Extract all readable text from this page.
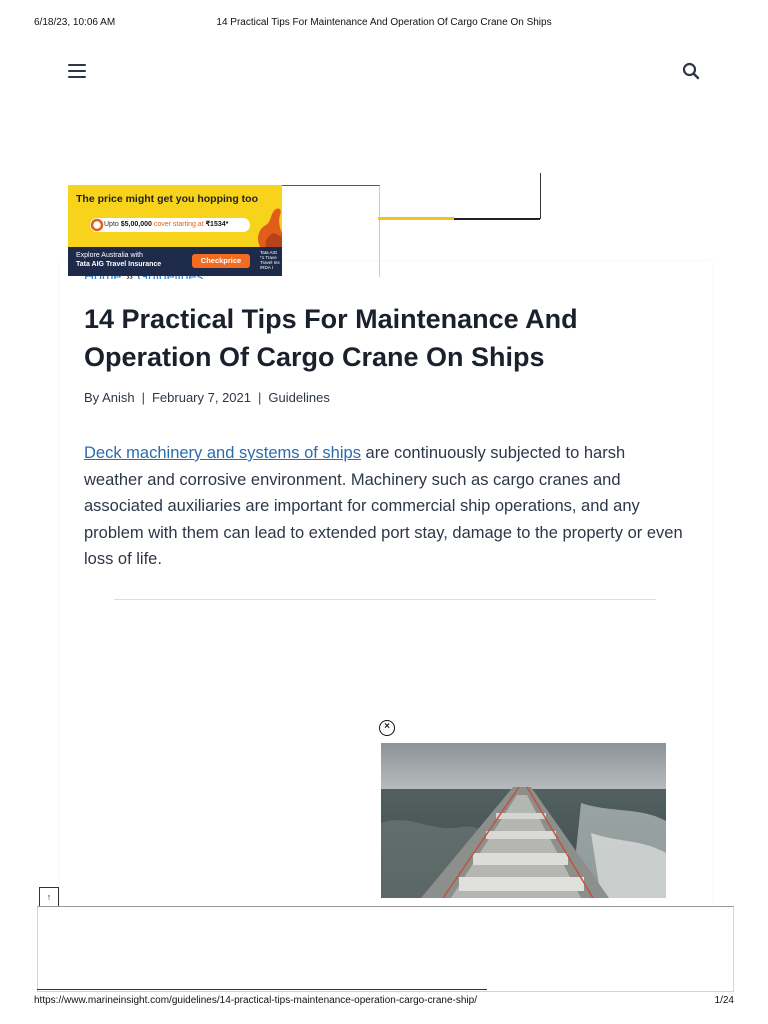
6/18/23, 10:06 AM	14 Practical Tips For Maintenance And Operation Of Cargo Crane On Ships
The price might get you hopping too
Upto $5,00,000 cover starting at ₹1534*
Explore Australia with
Tata AIG Travel Insurance	Checkprice
Tata AIG *1 Trave Travel Ins IRDA I
14 Practical Tips For Maintenance And Operation Of Cargo Crane On Ships
By Anish | February 7, 2021 | Guidelines

Deck machinery and systems of ships are continuously subjected to harsh weather and corrosive environment. Machinery such as cargo cranes and associated auxiliaries are important for commercial ship operations, and any problem with them can lead to extended port stay, damage to the property or even loss of life.

×
↑
https://www.marineinsight.com/guidelines/14-practical-tips-maintenance-operation-cargo-crane-ship/	1/24
